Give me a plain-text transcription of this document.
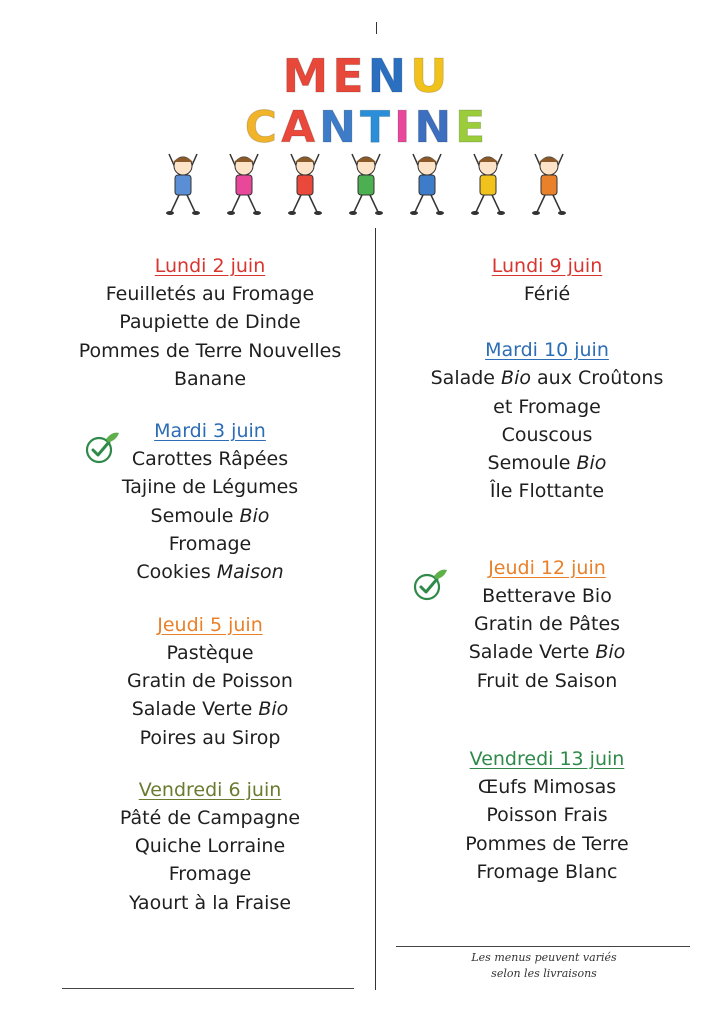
MENU
CANTINE
Lundi 2 juin
Feuilletés au Fromage
Paupiette de Dinde
Pommes de Terre Nouvelles
Banane
Mardi 3 juin
Carottes Râpées
Tajine de Légumes
Semoule Bio
Fromage
Cookies Maison
Jeudi 5 juin
Pastèque
Gratin de Poisson
Salade Verte Bio
Poires au Sirop
Vendredi 6 juin
Pâté de Campagne
Quiche Lorraine
Fromage
Yaourt à la Fraise
Lundi 9 juin
Férié
Mardi 10 juin
Salade Bio aux Croûtons
et Fromage
Couscous
Semoule Bio
Île Flottante
Jeudi 12 juin
Betterave Bio
Gratin de Pâtes
Salade Verte Bio
Fruit de Saison
Vendredi 13 juin
Œufs Mimosas
Poisson Frais
Pommes de Terre
Fromage Blanc
Les menus peuvent variés
selon les livraisons
